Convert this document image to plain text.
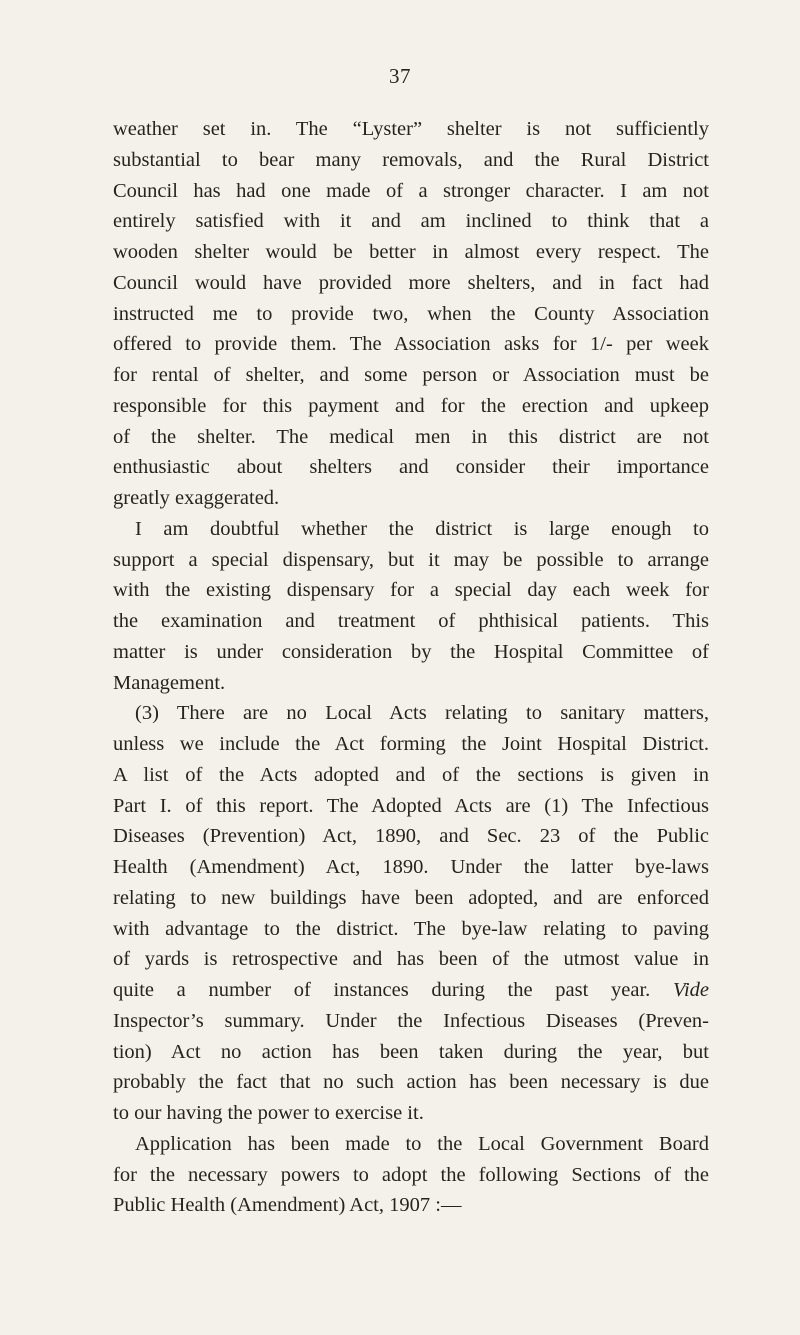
37
weather set in. The “Lyster” shelter is not sufficiently
substantial to bear many removals, and the Rural District
Council has had one made of a stronger character. I am not
entirely satisfied with it and am inclined to think that a
wooden shelter would be better in almost every respect. The
Council would have provided more shelters, and in fact had
instructed me to provide two, when the County Association
offered to provide them. The Association asks for 1/- per week
for rental of shelter, and some person or Association must be
responsible for this payment and for the erection and upkeep
of the shelter. The medical men in this district are not
enthusiastic about shelters and consider their importance
greatly exaggerated.
I am doubtful whether the district is large enough to
support a special dispensary, but it may be possible to arrange
with the existing dispensary for a special day each week for
the examination and treatment of phthisical patients. This
matter is under consideration by the Hospital Committee of
Management.
(3) There are no Local Acts relating to sanitary matters,
unless we include the Act forming the Joint Hospital District.
A list of the Acts adopted and of the sections is given in
Part I. of this report. The Adopted Acts are (1) The Infectious
Diseases (Prevention) Act, 1890, and Sec. 23 of the Public
Health (Amendment) Act, 1890. Under the latter bye-laws
relating to new buildings have been adopted, and are enforced
with advantage to the district. The bye-law relating to paving
of yards is retrospective and has been of the utmost value in
quite a number of instances during the past year. Vide
Inspector’s summary. Under the Infectious Diseases (Preven-
tion) Act no action has been taken during the year, but
probably the fact that no such action has been necessary is due
to our having the power to exercise it.
Application has been made to the Local Government Board
for the necessary powers to adopt the following Sections of the
Public Health (Amendment) Act, 1907 :—
